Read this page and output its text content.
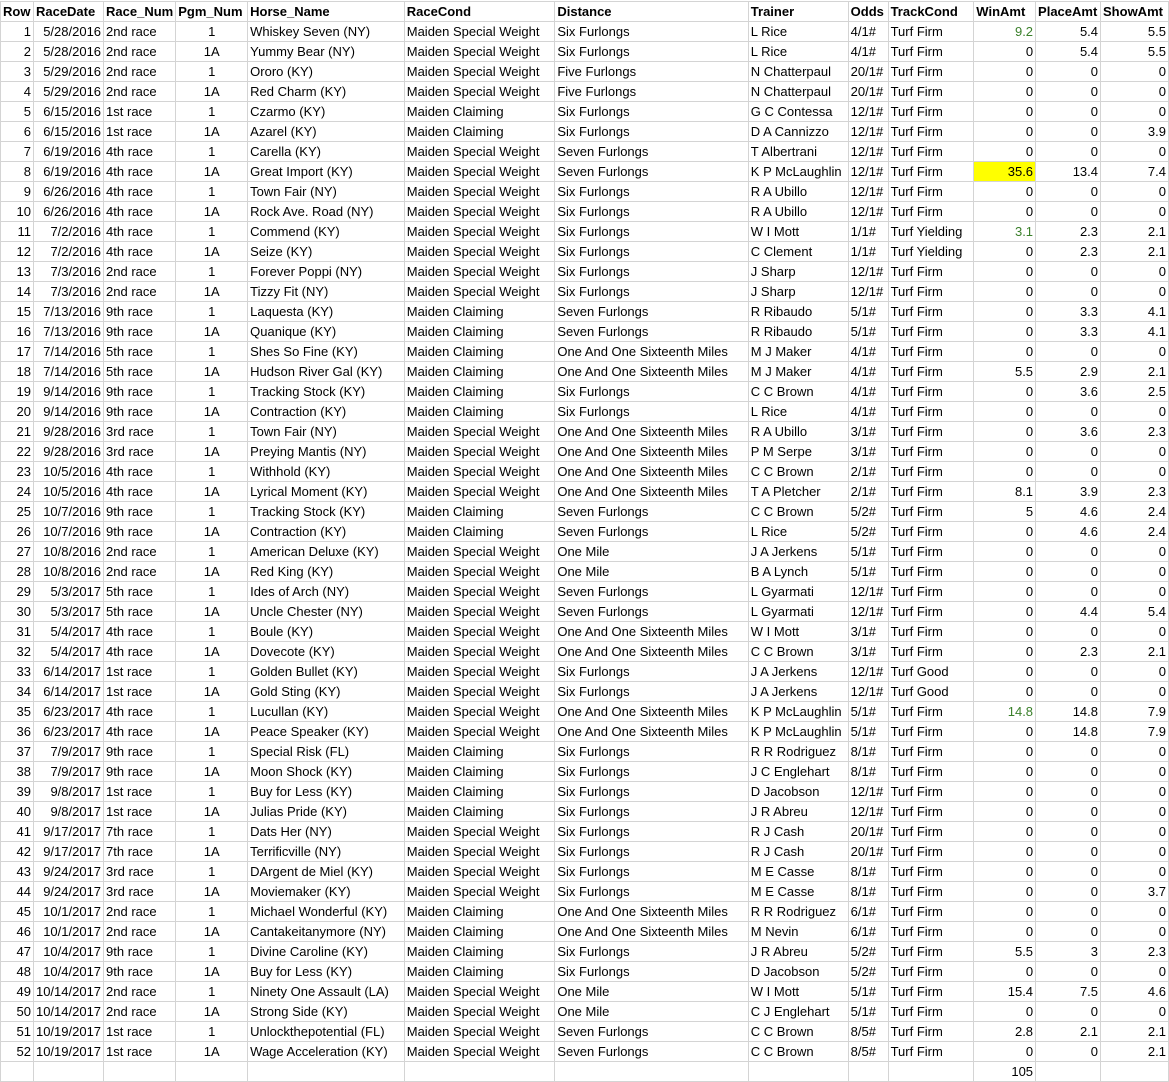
Row	RaceDate	Race_Num	Pgm_Num	Horse_Name	RaceCond	Distance	Trainer	Odds	TrackCond	WinAmt	PlaceAmt	ShowAmt
1	5/28/2016	2nd race	1	Whiskey Seven (NY)	Maiden Special Weight	Six Furlongs	L Rice	4/1#	Turf Firm	9.2	5.4	5.5
2	5/28/2016	2nd race	1A	Yummy Bear (NY)	Maiden Special Weight	Six Furlongs	L Rice	4/1#	Turf Firm	0	5.4	5.5
3	5/29/2016	2nd race	1	Ororo (KY)	Maiden Special Weight	Five Furlongs	N Chatterpaul	20/1#	Turf Firm	0	0	0
4	5/29/2016	2nd race	1A	Red Charm (KY)	Maiden Special Weight	Five Furlongs	N Chatterpaul	20/1#	Turf Firm	0	0	0
5	6/15/2016	1st race	1	Czarmo (KY)	Maiden Claiming	Six Furlongs	G C Contessa	12/1#	Turf Firm	0	0	0
6	6/15/2016	1st race	1A	Azarel (KY)	Maiden Claiming	Six Furlongs	D A Cannizzo	12/1#	Turf Firm	0	0	3.9
7	6/19/2016	4th race	1	Carella (KY)	Maiden Special Weight	Seven Furlongs	T Albertrani	12/1#	Turf Firm	0	0	0
8	6/19/2016	4th race	1A	Great Import (KY)	Maiden Special Weight	Seven Furlongs	K P McLaughlin	12/1#	Turf Firm	35.6	13.4	7.4
9	6/26/2016	4th race	1	Town Fair (NY)	Maiden Special Weight	Six Furlongs	R A Ubillo	12/1#	Turf Firm	0	0	0
10	6/26/2016	4th race	1A	Rock Ave. Road (NY)	Maiden Special Weight	Six Furlongs	R A Ubillo	12/1#	Turf Firm	0	0	0
11	7/2/2016	4th race	1	Commend (KY)	Maiden Special Weight	Six Furlongs	W I Mott	1/1#	Turf Yielding	3.1	2.3	2.1
12	7/2/2016	4th race	1A	Seize (KY)	Maiden Special Weight	Six Furlongs	C Clement	1/1#	Turf Yielding	0	2.3	2.1
13	7/3/2016	2nd race	1	Forever Poppi (NY)	Maiden Special Weight	Six Furlongs	J Sharp	12/1#	Turf Firm	0	0	0
14	7/3/2016	2nd race	1A	Tizzy Fit (NY)	Maiden Special Weight	Six Furlongs	J Sharp	12/1#	Turf Firm	0	0	0
15	7/13/2016	9th race	1	Laquesta (KY)	Maiden Claiming	Seven Furlongs	R Ribaudo	5/1#	Turf Firm	0	3.3	4.1
16	7/13/2016	9th race	1A	Quanique (KY)	Maiden Claiming	Seven Furlongs	R Ribaudo	5/1#	Turf Firm	0	3.3	4.1
17	7/14/2016	5th race	1	Shes So Fine (KY)	Maiden Claiming	One And One Sixteenth Miles	M J Maker	4/1#	Turf Firm	0	0	0
18	7/14/2016	5th race	1A	Hudson River Gal (KY)	Maiden Claiming	One And One Sixteenth Miles	M J Maker	4/1#	Turf Firm	5.5	2.9	2.1
19	9/14/2016	9th race	1	Tracking Stock (KY)	Maiden Claiming	Six Furlongs	C C Brown	4/1#	Turf Firm	0	3.6	2.5
20	9/14/2016	9th race	1A	Contraction (KY)	Maiden Claiming	Six Furlongs	L Rice	4/1#	Turf Firm	0	0	0
21	9/28/2016	3rd race	1	Town Fair (NY)	Maiden Special Weight	One And One Sixteenth Miles	R A Ubillo	3/1#	Turf Firm	0	3.6	2.3
22	9/28/2016	3rd race	1A	Preying Mantis (NY)	Maiden Special Weight	One And One Sixteenth Miles	P M Serpe	3/1#	Turf Firm	0	0	0
23	10/5/2016	4th race	1	Withhold (KY)	Maiden Special Weight	One And One Sixteenth Miles	C C Brown	2/1#	Turf Firm	0	0	0
24	10/5/2016	4th race	1A	Lyrical Moment (KY)	Maiden Special Weight	One And One Sixteenth Miles	T A Pletcher	2/1#	Turf Firm	8.1	3.9	2.3
25	10/7/2016	9th race	1	Tracking Stock (KY)	Maiden Claiming	Seven Furlongs	C C Brown	5/2#	Turf Firm	5	4.6	2.4
26	10/7/2016	9th race	1A	Contraction (KY)	Maiden Claiming	Seven Furlongs	L Rice	5/2#	Turf Firm	0	4.6	2.4
27	10/8/2016	2nd race	1	American Deluxe (KY)	Maiden Special Weight	One Mile	J A Jerkens	5/1#	Turf Firm	0	0	0
28	10/8/2016	2nd race	1A	Red King (KY)	Maiden Special Weight	One Mile	B A Lynch	5/1#	Turf Firm	0	0	0
29	5/3/2017	5th race	1	Ides of Arch (NY)	Maiden Special Weight	Seven Furlongs	L Gyarmati	12/1#	Turf Firm	0	0	0
30	5/3/2017	5th race	1A	Uncle Chester (NY)	Maiden Special Weight	Seven Furlongs	L Gyarmati	12/1#	Turf Firm	0	4.4	5.4
31	5/4/2017	4th race	1	Boule (KY)	Maiden Special Weight	One And One Sixteenth Miles	W I Mott	3/1#	Turf Firm	0	0	0
32	5/4/2017	4th race	1A	Dovecote (KY)	Maiden Special Weight	One And One Sixteenth Miles	C C Brown	3/1#	Turf Firm	0	2.3	2.1
33	6/14/2017	1st race	1	Golden Bullet (KY)	Maiden Special Weight	Six Furlongs	J A Jerkens	12/1#	Turf Good	0	0	0
34	6/14/2017	1st race	1A	Gold Sting (KY)	Maiden Special Weight	Six Furlongs	J A Jerkens	12/1#	Turf Good	0	0	0
35	6/23/2017	4th race	1	Lucullan (KY)	Maiden Special Weight	One And One Sixteenth Miles	K P McLaughlin	5/1#	Turf Firm	14.8	14.8	7.9
36	6/23/2017	4th race	1A	Peace Speaker (KY)	Maiden Special Weight	One And One Sixteenth Miles	K P McLaughlin	5/1#	Turf Firm	0	14.8	7.9
37	7/9/2017	9th race	1	Special Risk (FL)	Maiden Claiming	Six Furlongs	R R Rodriguez	8/1#	Turf Firm	0	0	0
38	7/9/2017	9th race	1A	Moon Shock (KY)	Maiden Claiming	Six Furlongs	J C Englehart	8/1#	Turf Firm	0	0	0
39	9/8/2017	1st race	1	Buy for Less (KY)	Maiden Claiming	Six Furlongs	D Jacobson	12/1#	Turf Firm	0	0	0
40	9/8/2017	1st race	1A	Julias Pride (KY)	Maiden Claiming	Six Furlongs	J R Abreu	12/1#	Turf Firm	0	0	0
41	9/17/2017	7th race	1	Dats Her (NY)	Maiden Special Weight	Six Furlongs	R J Cash	20/1#	Turf Firm	0	0	0
42	9/17/2017	7th race	1A	Terrificville (NY)	Maiden Special Weight	Six Furlongs	R J Cash	20/1#	Turf Firm	0	0	0
43	9/24/2017	3rd race	1	DArgent de Miel (KY)	Maiden Special Weight	Six Furlongs	M E Casse	8/1#	Turf Firm	0	0	0
44	9/24/2017	3rd race	1A	Moviemaker (KY)	Maiden Special Weight	Six Furlongs	M E Casse	8/1#	Turf Firm	0	0	3.7
45	10/1/2017	2nd race	1	Michael Wonderful (KY)	Maiden Claiming	One And One Sixteenth Miles	R R Rodriguez	6/1#	Turf Firm	0	0	0
46	10/1/2017	2nd race	1A	Cantakeitanymore (NY)	Maiden Claiming	One And One Sixteenth Miles	M Nevin	6/1#	Turf Firm	0	0	0
47	10/4/2017	9th race	1	Divine Caroline (KY)	Maiden Claiming	Six Furlongs	J R Abreu	5/2#	Turf Firm	5.5	3	2.3
48	10/4/2017	9th race	1A	Buy for Less (KY)	Maiden Claiming	Six Furlongs	D Jacobson	5/2#	Turf Firm	0	0	0
49	10/14/2017	2nd race	1	Ninety One Assault (LA)	Maiden Special Weight	One Mile	W I Mott	5/1#	Turf Firm	15.4	7.5	4.6
50	10/14/2017	2nd race	1A	Strong Side (KY)	Maiden Special Weight	One Mile	C J Englehart	5/1#	Turf Firm	0	0	0
51	10/19/2017	1st race	1	Unlockthepotential (FL)	Maiden Special Weight	Seven Furlongs	C C Brown	8/5#	Turf Firm	2.8	2.1	2.1
52	10/19/2017	1st race	1A	Wage Acceleration (KY)	Maiden Special Weight	Seven Furlongs	C C Brown	8/5#	Turf Firm	0	0	2.1
										105		
